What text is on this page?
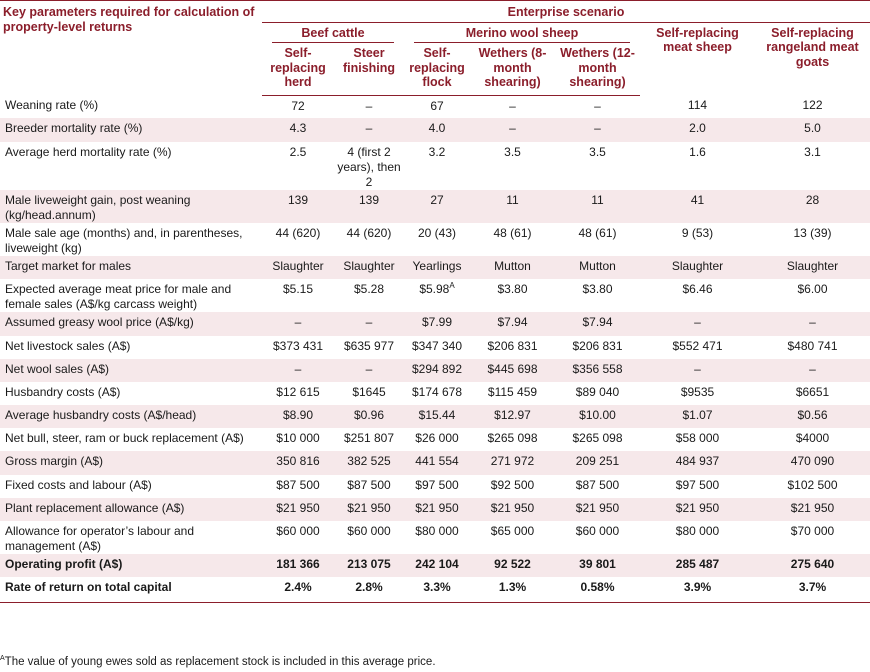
Key parameters required for calculation of property-level returns	Enterprise scenario						

	Beef cattle		Merino wool sheep			Self-replacing meat sheep	Self-replacing rangeland meat goats
	Self-replacing herd	Steer finishing	Self-replacing flock	Wethers (8-month shearing)	Wethers (12-month shearing)		
Weaning rate (%)	72	–	67	–	–	114	122
Breeder mortality rate (%)	4.3	–	4.0	–	–	2.0	5.0
Average herd mortality rate (%)	2.5	4 (first 2 years), then 2	3.2	3.5	3.5	1.6	3.1
Male liveweight gain, post weaning (kg/head.annum)	139	139	27	11	11	41	28
Male sale age (months) and, in parentheses, liveweight (kg)	44 (620)	44 (620)	20 (43)	48 (61)	48 (61)	9 (53)	13 (39)
Target market for males	Slaughter	Slaughter	Yearlings	Mutton	Mutton	Slaughter	Slaughter
Expected average meat price for male and female sales (A$/kg carcass weight)	$5.15	$5.28	$\$5.98^A$	$3.80	$3.80	$6.46	$6.00
Assumed greasy wool price (A$/kg)	–	–	$7.99	$7.94	$7.94	–	–
Net livestock sales (A$)	$373 431	$635 977	$347 340	$206 831	$206 831	$552 471	$480 741
Net wool sales (A$)	–	–	$294 892	$445 698	$356 558	–	–
Husbandry costs (A$)	$12 615	$1645	$174 678	$115 459	$89 040	$9535	$6651
Average husbandry costs (A$/head)	$8.90	$0.96	$15.44	$12.97	$10.00	$1.07	$0.56
Net bull, steer, ram or buck replacement (A$)	$10 000	$251 807	$26 000	$265 098	$265 098	$58 000	$4000
Gross margin (A$)	350 816	382 525	441 554	271 972	209 251	484 937	470 090
Fixed costs and labour (A$)	$87 500	$87 500	$97 500	$92 500	$87 500	$97 500	$102 500
Plant replacement allowance (A$)	$21 950	$21 950	$21 950	$21 950	$21 950	$21 950	$21 950
Allowance for operator’s labour and management (A$)	$60 000	$60 000	$80 000	$65 000	$60 000	$80 000	$70 000
Operating profit (A$)	181 366	213 075	242 104	92 522	39 801	285 487	275 640
Rate of return on total capital	2.4%	2.8%	3.3%	1.3%	0.58%	3.9%	3.7%
$^A$The value of young ewes sold as replacement stock is included in this average price.
